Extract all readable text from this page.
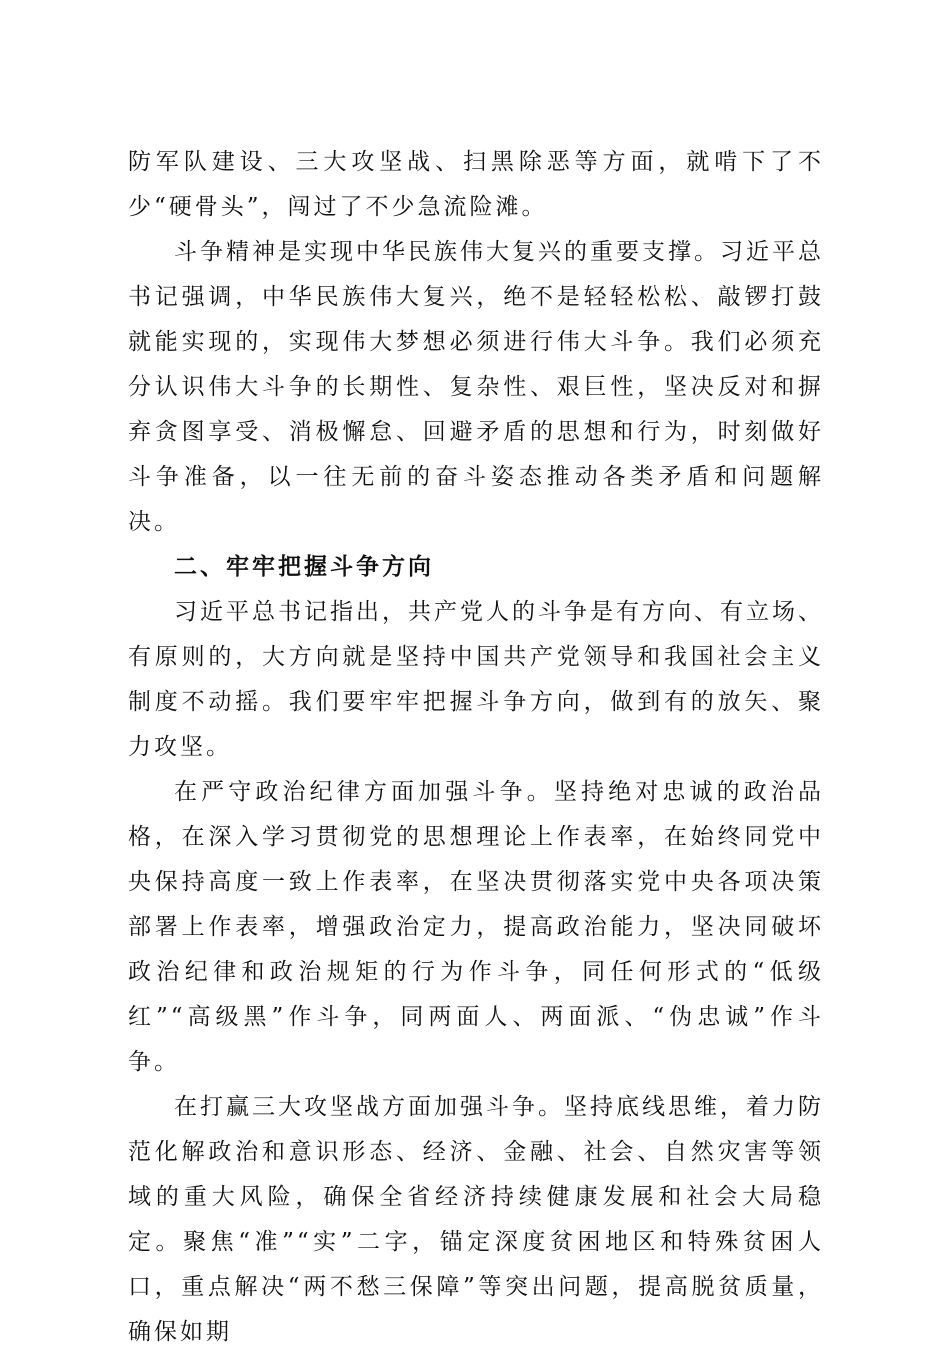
防军队建设、三大攻坚战、扫黑除恶等方面，就啃下了不少“硬骨头”，闯过了不少急流险滩。

斗争精神是实现中华民族伟大复兴的重要支撑。习近平总书记强调，中华民族伟大复兴，绝不是轻轻松松、敲锣打鼓就能实现的，实现伟大梦想必须进行伟大斗争。我们必须充分认识伟大斗争的长期性、复杂性、艰巨性，坚决反对和摒弃贪图享受、消极懈怠、回避矛盾的思想和行为，时刻做好斗争准备，以一往无前的奋斗姿态推动各类矛盾和问题解决。

二、牢牢把握斗争方向

习近平总书记指出，共产党人的斗争是有方向、有立场、有原则的，大方向就是坚持中国共产党领导和我国社会主义制度不动摇。我们要牢牢把握斗争方向，做到有的放矢、聚力攻坚。

在严守政治纪律方面加强斗争。坚持绝对忠诚的政治品格，在深入学习贯彻党的思想理论上作表率，在始终同党中央保持高度一致上作表率，在坚决贯彻落实党中央各项决策部署上作表率，增强政治定力，提高政治能力，坚决同破坏政治纪律和政治规矩的行为作斗争，同任何形式的“低级红”“高级黑”作斗争，同两面人、两面派、“伪忠诚”作斗争。

在打赢三大攻坚战方面加强斗争。坚持底线思维，着力防范化解政治和意识形态、经济、金融、社会、自然灾害等领域的重大风险，确保全省经济持续健康发展和社会大局稳定。聚焦“准”“实”二字，锚定深度贫困地区和特殊贫困人口，重点解决“两不愁三保障”等突出问题，提高脱贫质量，确保如期
